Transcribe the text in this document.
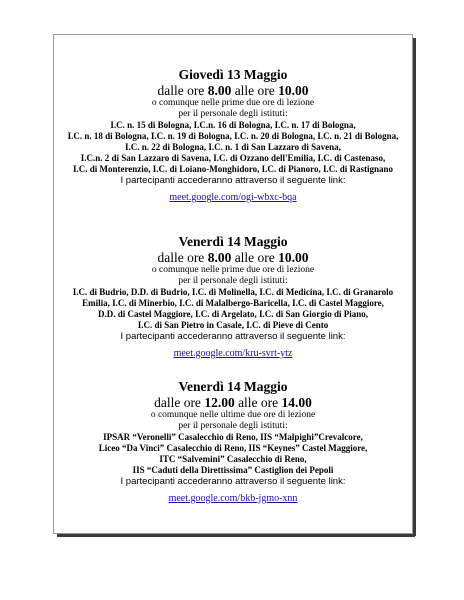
Giovedì 13 Maggio
dalle ore 8.00 alle ore 10.00
o comunque nelle prime due ore di lezione
per il personale degli istituti:
I.C. n. 15 di Bologna, I.C.n. 16 di Bologna, I.C. n. 17 di Bologna,
I.C. n. 18 di Bologna, I.C. n. 19 di Bologna, I.C. n. 20 di Bologna, I.C. n. 21 di Bologna,
I.C. n. 22 di Bologna, I.C. n. 1 di San Lazzaro di Savena,
I.C.n. 2 di San Lazzaro di Savena, I.C. di Ozzano dell'Emilia, I.C. di Castenaso,
I.C. di Monterenzio, I.C. di Loiano-Monghidoro, I.C. di Pianoro, I.C. di Rastignano
I partecipanti accederanno attraverso il seguente link:
meet.google.com/ogi-wbxc-bqa
Venerdì 14 Maggio
dalle ore 8.00 alle ore 10.00
o comunque nelle prime due ore di lezione
per il personale degli istituti:
I.C. di Budrio, D.D. di Budrio, I.C. di Molinella, I.C. di Medicina, I.C. di Granarolo
Emilia, I.C. di Minerbio, I.C. di Malalbergo-Baricella, I.C. di Castel Maggiore,
D.D. di Castel Maggiore, I.C. di Argelato, I.C. di San Giorgio di Piano,
I.C. di San Pietro in Casale, I.C. di Pieve di Cento
I partecipanti accederanno attraverso il seguente link:
meet.google.com/kru-svrt-ytz
Venerdì 14 Maggio
dalle ore 12.00 alle ore 14.00
o comunque nelle ultime due ore di lezione
per il personale degli istituti:
IPSAR “Veronelli” Casalecchio di Reno, IIS “Malpighi”Crevalcore,
Liceo “Da Vinci” Casalecchio di Reno, IIS “Keynes” Castel Maggiore,
ITC “Salvemini” Casalecchio di Reno,
IIS “Caduti della Direttissima” Castiglion dei Pepoli
I partecipanti accederanno attraverso il seguente link:
meet.google.com/bkb-jgmo-xnn
